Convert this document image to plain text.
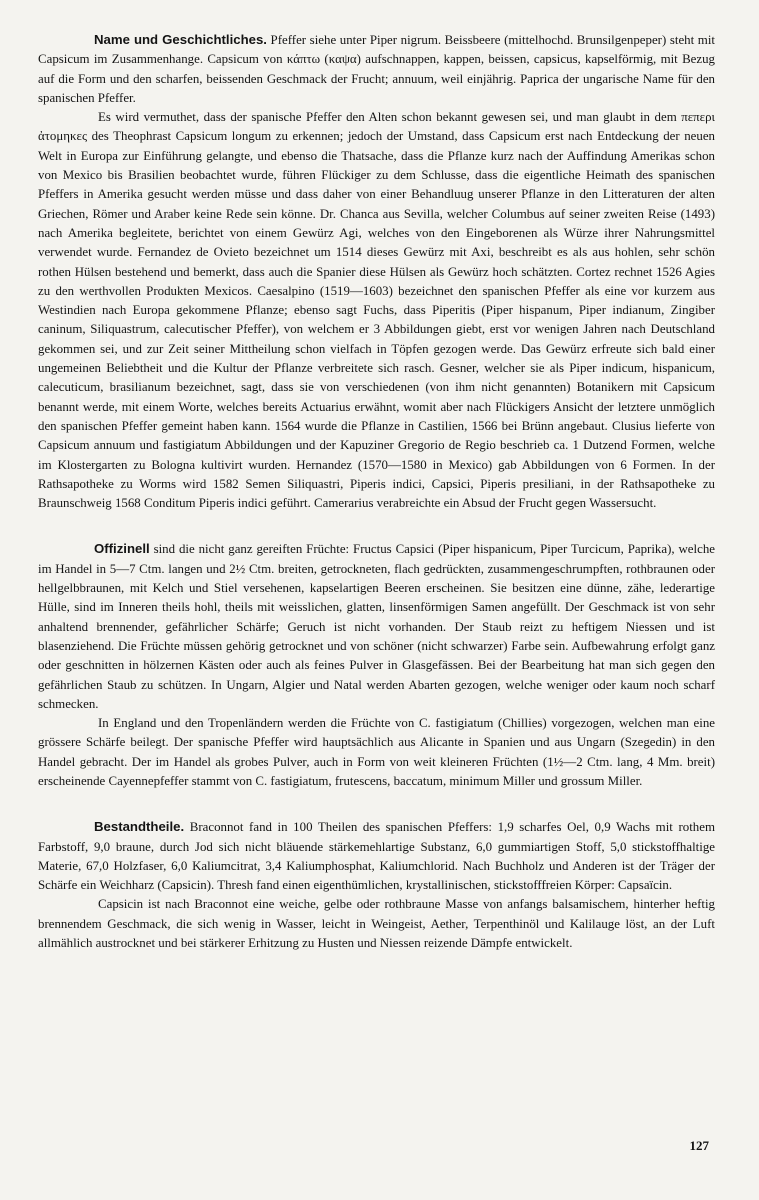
Name und Geschichtliches. Pfeffer siehe unter Piper nigrum. Beissbeere (mittelhochd. Brunsilgenpeper) steht mit Capsicum im Zusammenhange. Capsicum von κάπτω (καψα) aufschnappen, kappen, beissen, capsicus, kapselförmig, mit Bezug auf die Form und den scharfen, beissenden Geschmack der Frucht; annuum, weil einjährig. Paprica der ungarische Name für den spanischen Pfeffer.

Es wird vermuthet, dass der spanische Pfeffer den Alten schon bekannt gewesen sei, und man glaubt in dem πεπερι ἀτομηκες des Theophrast Capsicum longum zu erkennen; jedoch der Umstand, dass Capsicum erst nach Entdeckung der neuen Welt in Europa zur Einführung gelangte, und ebenso die Thatsache, dass die Pflanze kurz nach der Auffindung Amerikas schon von Mexico bis Brasilien beobachtet wurde, führen Flückiger zu dem Schlusse, dass die eigentliche Heimath des spanischen Pfeffers in Amerika gesucht werden müsse und dass daher von einer Behandluug unserer Pflanze in den Litteraturen der alten Griechen, Römer und Araber keine Rede sein könne. Dr. Chanca aus Sevilla, welcher Columbus auf seiner zweiten Reise (1493) nach Amerika begleitete, berichtet von einem Gewürz Agi, welches von den Eingeborenen als Würze ihrer Nahrungsmittel verwendet wurde. Fernandez de Ovieto bezeichnet um 1514 dieses Gewürz mit Axi, beschreibt es als aus hohlen, sehr schön rothen Hülsen bestehend und bemerkt, dass auch die Spanier diese Hülsen als Gewürz hoch schätzten. Cortez rechnet 1526 Agies zu den werthvollen Produkten Mexicos. Caesalpino (1519—1603) bezeichnet den spanischen Pfeffer als eine vor kurzem aus Westindien nach Europa gekommene Pflanze; ebenso sagt Fuchs, dass Piperitis (Piper hispanum, Piper indianum, Zingiber caninum, Siliquastrum, calecutischer Pfeffer), von welchem er 3 Abbildungen giebt, erst vor wenigen Jahren nach Deutschland gekommen sei, und zur Zeit seiner Mittheilung schon vielfach in Töpfen gezogen werde. Das Gewürz erfreute sich bald einer ungemeinen Beliebtheit und die Kultur der Pflanze verbreitete sich rasch. Gesner, welcher sie als Piper indicum, hispanicum, calecuticum, brasilianum bezeichnet, sagt, dass sie von verschiedenen (von ihm nicht genannten) Botanikern mit Capsicum benannt werde, mit einem Worte, welches bereits Actuarius erwähnt, womit aber nach Flückigers Ansicht der letztere unmöglich den spanischen Pfeffer gemeint haben kann. 1564 wurde die Pflanze in Castilien, 1566 bei Brünn angebaut. Clusius lieferte von Capsicum annuum und fastigiatum Abbildungen und der Kapuziner Gregorio de Regio beschrieb ca. 1 Dutzend Formen, welche im Klostergarten zu Bologna kultivirt wurden. Hernandez (1570—1580 in Mexico) gab Abbildungen von 6 Formen. In der Rathsapotheke zu Worms wird 1582 Semen Siliquastri, Piperis indici, Capsici, Piperis presiliani, in der Rathsapotheke zu Braunschweig 1568 Conditum Piperis indici geführt. Camerarius verabreichte ein Absud der Frucht gegen Wassersucht.

Offizinell sind die nicht ganz gereiften Früchte: Fructus Capsici (Piper hispanicum, Piper Turcicum, Paprika), welche im Handel in 5—7 Ctm. langen und 2½ Ctm. breiten, getrockneten, flach gedrückten, zusammengeschrumpften, rothbraunen oder hellgelbbraunen, mit Kelch und Stiel versehenen, kapselartigen Beeren erscheinen. Sie besitzen eine dünne, zähe, lederartige Hülle, sind im Inneren theils hohl, theils mit weisslichen, glatten, linsenförmigen Samen angefüllt. Der Geschmack ist von sehr anhaltend brennender, gefährlicher Schärfe; Geruch ist nicht vorhanden. Der Staub reizt zu heftigem Niessen und ist blasenziehend. Die Früchte müssen gehörig getrocknet und von schöner (nicht schwarzer) Farbe sein. Aufbewahrung erfolgt ganz oder geschnitten in hölzernen Kästen oder auch als feines Pulver in Glasgefässen. Bei der Bearbeitung hat man sich gegen den gefährlichen Staub zu schützen. In Ungarn, Algier und Natal werden Abarten gezogen, welche weniger oder kaum noch scharf schmecken.

In England und den Tropenländern werden die Früchte von C. fastigiatum (Chillies) vorgezogen, welchen man eine grössere Schärfe beilegt. Der spanische Pfeffer wird hauptsächlich aus Alicante in Spanien und aus Ungarn (Szegedin) in den Handel gebracht. Der im Handel als grobes Pulver, auch in Form von weit kleineren Früchten (1½—2 Ctm. lang, 4 Mm. breit) erscheinende Cayennepfeffer stammt von C. fastigiatum, frutescens, baccatum, minimum Miller und grossum Miller.

Bestandtheile. Braconnot fand in 100 Theilen des spanischen Pfeffers: 1,9 scharfes Oel, 0,9 Wachs mit rothem Farbstoff, 9,0 braune, durch Jod sich nicht bläuende stärkemehlartige Substanz, 6,0 gummiartigen Stoff, 5,0 stickstoffhaltige Materie, 67,0 Holzfaser, 6,0 Kaliumcitrat, 3,4 Kaliumphosphat, Kaliumchlorid. Nach Buchholz und Anderen ist der Träger der Schärfe ein Weichharz (Capsicin). Thresh fand einen eigenthümlichen, krystallinischen, stickstofffreien Körper: Capsaïcin.

Capsicin ist nach Braconnot eine weiche, gelbe oder rothbraune Masse von anfangs balsamischem, hinterher heftig brennendem Geschmack, die sich wenig in Wasser, leicht in Weingeist, Aether, Terpenthinöl und Kalilauge löst, an der Luft allmählich austrocknet und bei stärkerer Erhitzung zu Husten und Niessen reizende Dämpfe entwickelt.

127
